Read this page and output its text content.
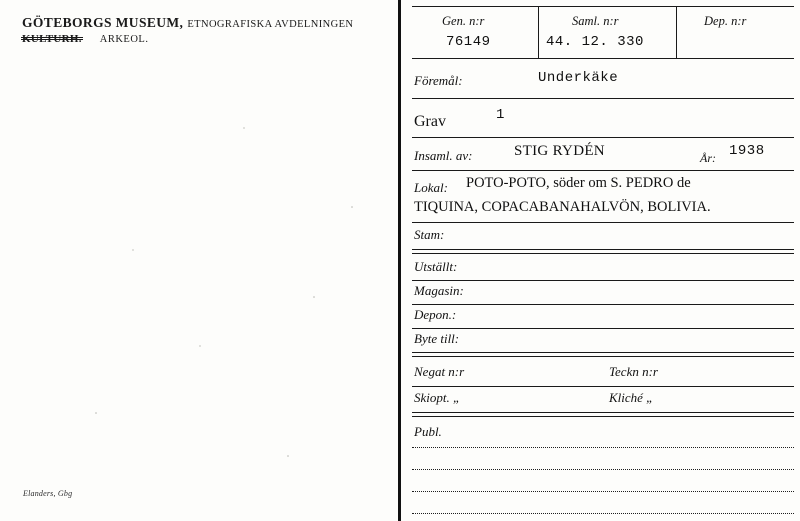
GÖTEBORGS MUSEUM, ETNOGRAFISKA AVDELNINGEN
KULTURH. ARKEOL.
Elanders, Gbg
Gen. n:r	Saml. n:r	Dep. n:r
76149	44. 12. 330
Föremål:	Underkäke
Grav	1
Insaml. av:	STIG RYDÉN	År: 1938
Lokal: POTO-POTO, söder om S. PEDRO de
TIQUINA, COPACABANAHALVÖN, BOLIVIA.
Stam:
Utställt:
Magasin:
Depon.:
Byte till:
Negat n:r	Teckn n:r
Skiopt. „	Kliché „
Publ.
